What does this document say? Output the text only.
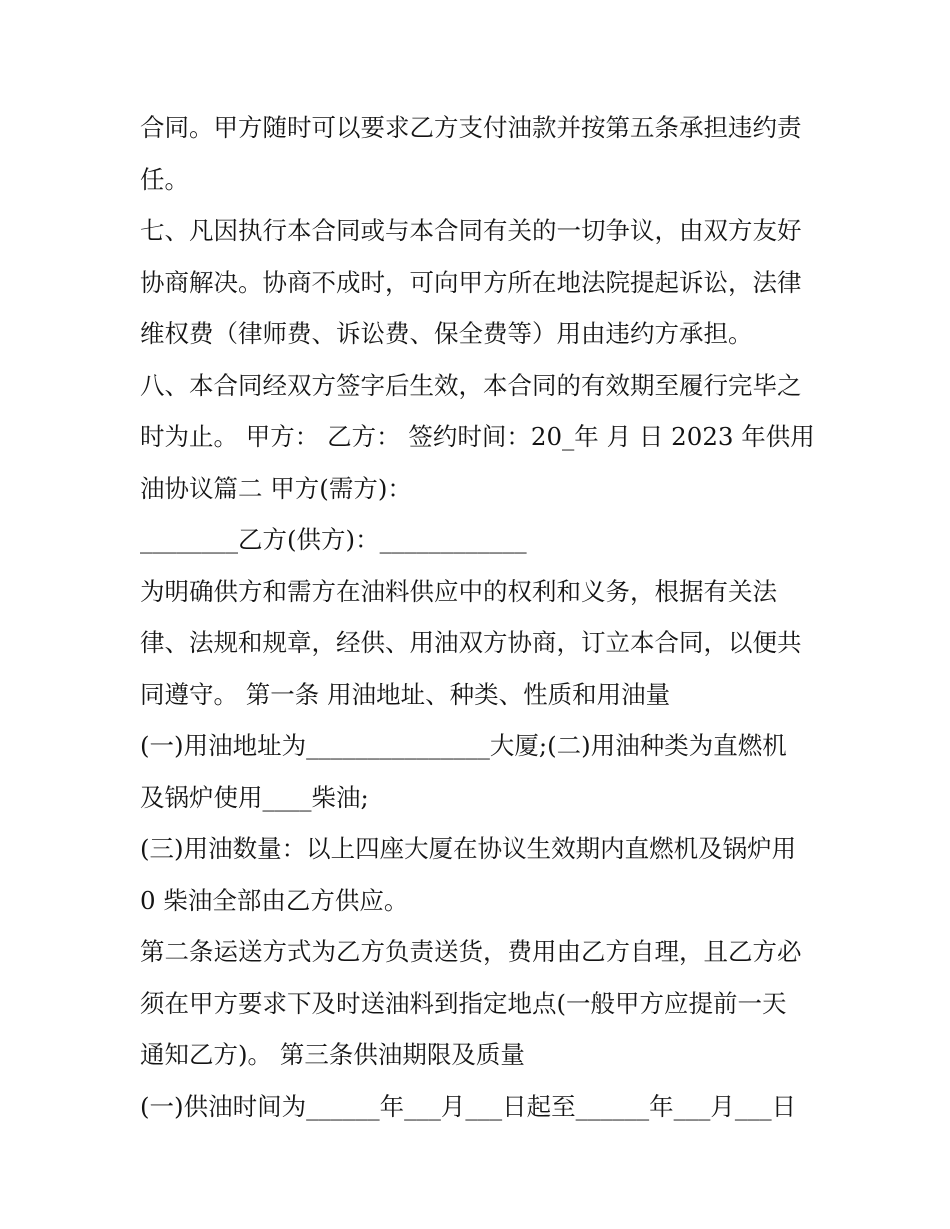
合同。甲方随时可以要求乙方支付油款并按第五条承担违约责
任。
七、凡因执行本合同或与本合同有关的一切争议，由双方友好
协商解决。协商不成时，可向甲方所在地法院提起诉讼，法律
维权费（律师费、诉讼费、保全费等）用由违约方承担。
八、本合同经双方签字后生效，本合同的有效期至履行完毕之
时为止。 甲方： 乙方： 签约时间：20_年 月 日 2023 年供用
油协议篇二 甲方(需方)：
________乙方(供方)：____________
为明确供方和需方在油料供应中的权利和义务，根据有关法
律、法规和规章，经供、用油双方协商，订立本合同，以便共
同遵守。 第一条 用油地址、种类、性质和用油量
(一)用油地址为_______________大厦;(二)用油种类为直燃机
及锅炉使用____柴油;
(三)用油数量：以上四座大厦在协议生效期内直燃机及锅炉用
0 柴油全部由乙方供应。
第二条运送方式为乙方负责送货，费用由乙方自理，且乙方必
须在甲方要求下及时送油料到指定地点(一般甲方应提前一天
通知乙方)。 第三条供油期限及质量
(一)供油时间为______年___月___日起至______年___月___日
